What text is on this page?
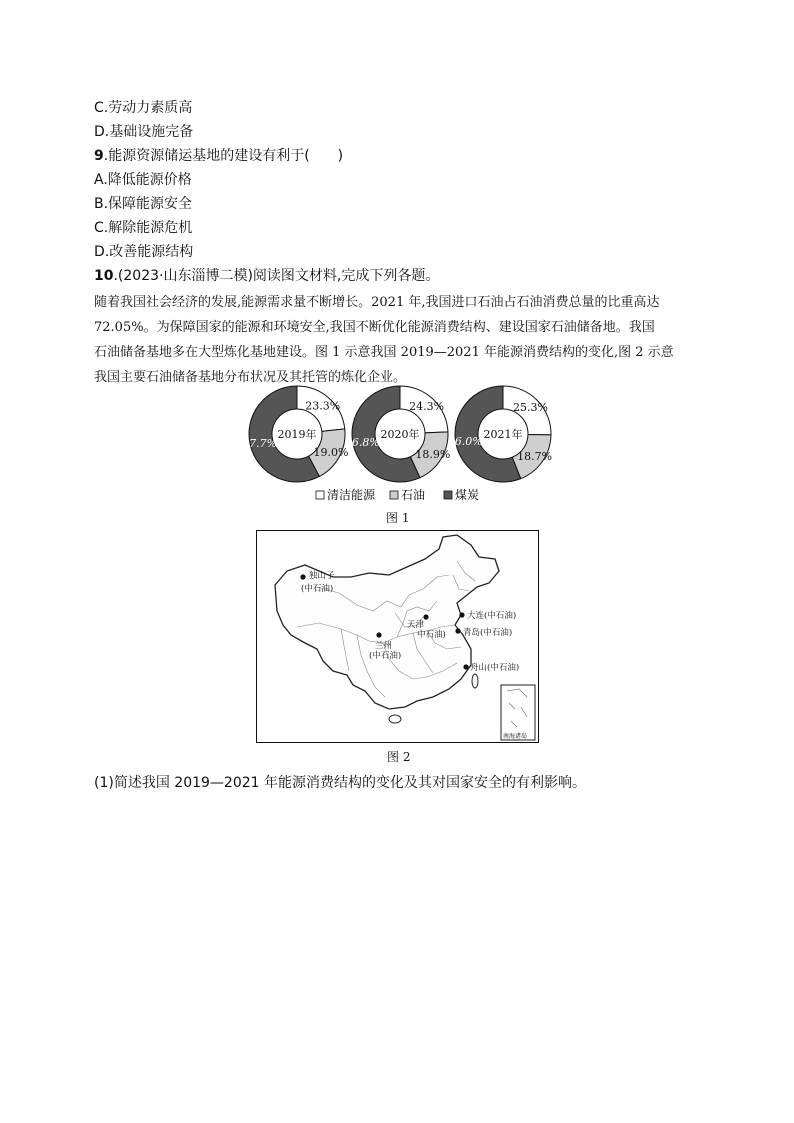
C.劳动力素质高
D.基础设施完备
9.能源资源储运基地的建设有利于(　　)
A.降低能源价格
B.保障能源安全
C.解除能源危机
D.改善能源结构
10.(2023·山东淄博二模)阅读图文材料,完成下列各题。
随着我国社会经济的发展,能源需求量不断增长。2021 年,我国进口石油占石油消费总量的比重高达
72.05%。为保障国家的能源和环境安全,我国不断优化能源消费结构、建设国家石油储备地。我国
石油储备基地多在大型炼化基地建设。图 1 示意我国 2019—2021 年能源消费结构的变化,图 2 示意
我国主要石油储备基地分布状况及其托管的炼化企业。
23.3%
19.0%
57.7%
2019年
24.3%
18.9%
56.8%
2020年
25.3%
18.7%
56.0%
2021年
清洁能源 石油 煤炭
图 1
独山子
(中石油)
兰州
(中石油)
天津
中石油)
大连 (中石油)
青岛 (中石油)
舟山 (中石油)
南海诸岛
图 2
(1)简述我国 2019—2021 年能源消费结构的变化及其对国家安全的有利影响。
